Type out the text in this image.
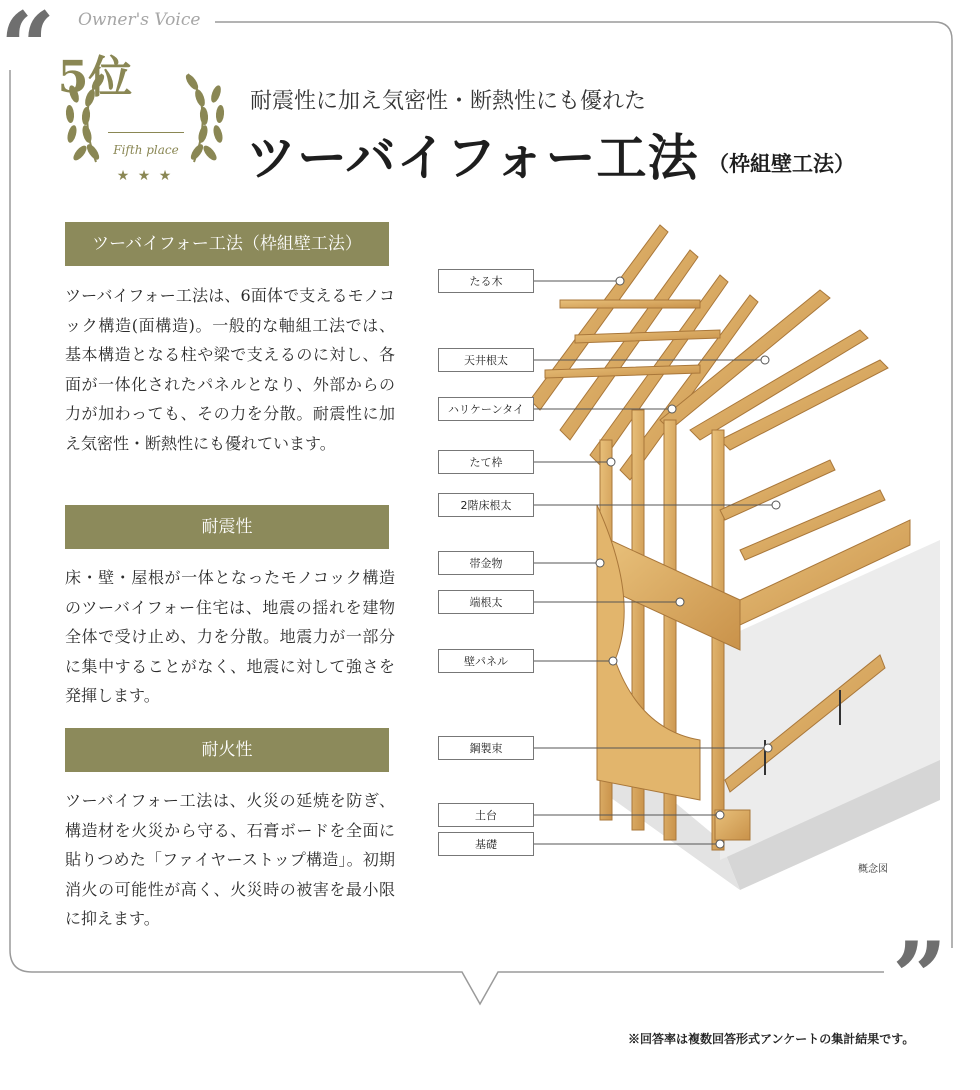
“
”
Owner's Voice
5位
Fifth place
★ ★ ★
耐震性に加え気密性・断熱性にも優れた
ツーバイフォー工法 （枠組壁工法）
ツーバイフォー工法（枠組壁工法）
ツーバイフォー工法は、6面体で支えるモノコック構造(面構造)。一般的な軸組工法では、基本構造となる柱や梁で支えるのに対し、各面が一体化されたパネルとなり、外部からの力が加わっても、その力を分散。耐震性に加え気密性・断熱性にも優れています。
耐震性
床・壁・屋根が一体となったモノコック構造のツーバイフォー住宅は、地震の揺れを建物全体で受け止め、力を分散。地震力が一部分に集中することがなく、地震に対して強さを発揮します。
耐火性
ツーバイフォー工法は、火災の延焼を防ぎ、構造材を火災から守る、石膏ボードを全面に貼りつめた「ファイヤーストップ構造」。初期消火の可能性が高く、火災時の被害を最小限に抑えます。
たる木
天井根太
ハリケーンタイ
たて枠
2階床根太
帯金物
端根太
壁パネル
鋼製束
土台
基礎
概念図
※回答率は複数回答形式アンケートの集計結果です。
